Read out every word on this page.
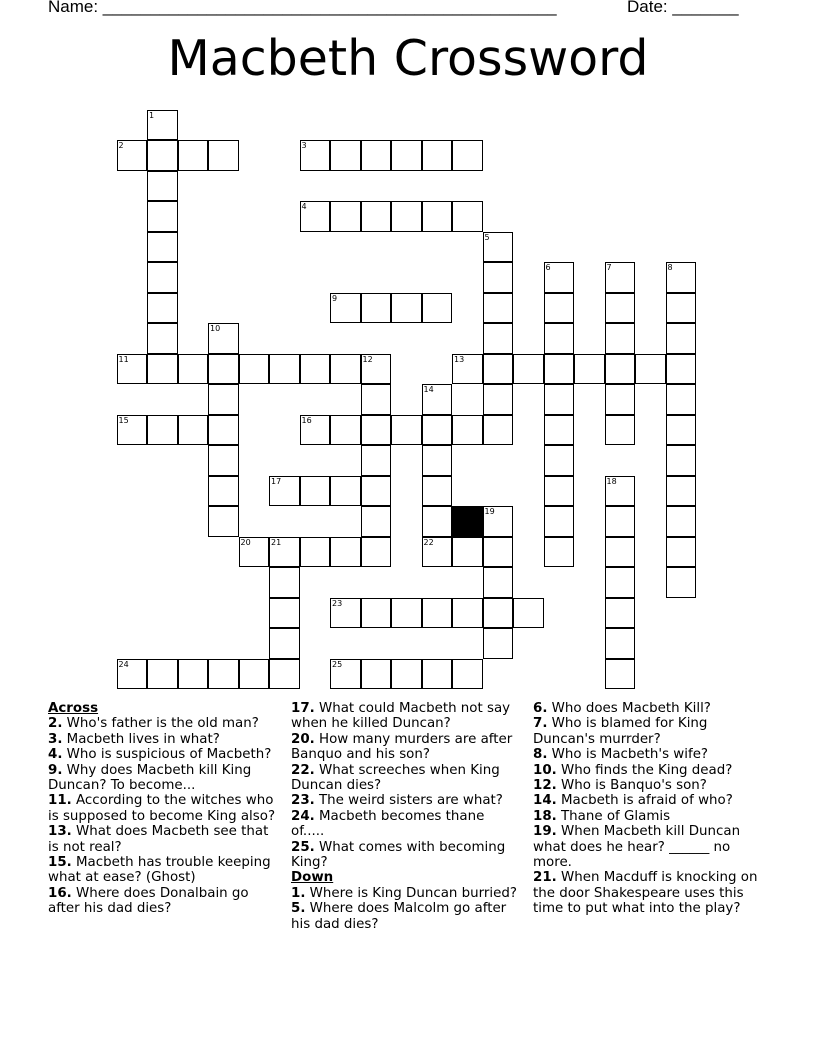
Name: ________________________________________________	Date: _______
Macbeth Crossword
2	3
4
9
11	13
15	16
17
20	21	22
23
24	25
1
5
6	7	8
10
12
14
18
19
Across
2. Who's father is the old man?
3. Macbeth lives in what?
4. Who is suspicious of Macbeth?
9. Why does Macbeth kill King Duncan? To become...
11. According to the witches who is supposed to become King also?
13. What does Macbeth see that is not real?
15. Macbeth has trouble keeping what at ease? (Ghost)
16. Where does Donalbain go after his dad dies?
17. What could Macbeth not say when he killed Duncan?
20. How many murders are after Banquo and his son?
22. What screeches when King Duncan dies?
23. The weird sisters are what?
24. Macbeth becomes thane of.....
25. What comes with becoming King?
Down
1. Where is King Duncan burried?
5. Where does Malcolm go after his dad dies?
6. Who does Macbeth Kill?
7. Who is blamed for King Duncan's murrder?
8. Who is Macbeth's wife?
10. Who finds the King dead?
12. Who is Banquo's son?
14. Macbeth is afraid of who?
18. Thane of Glamis
19. When Macbeth kill Duncan what does he hear? ______ no more.
21. When Macduff is knocking on the door Shakespeare uses this time to put what into the play?
